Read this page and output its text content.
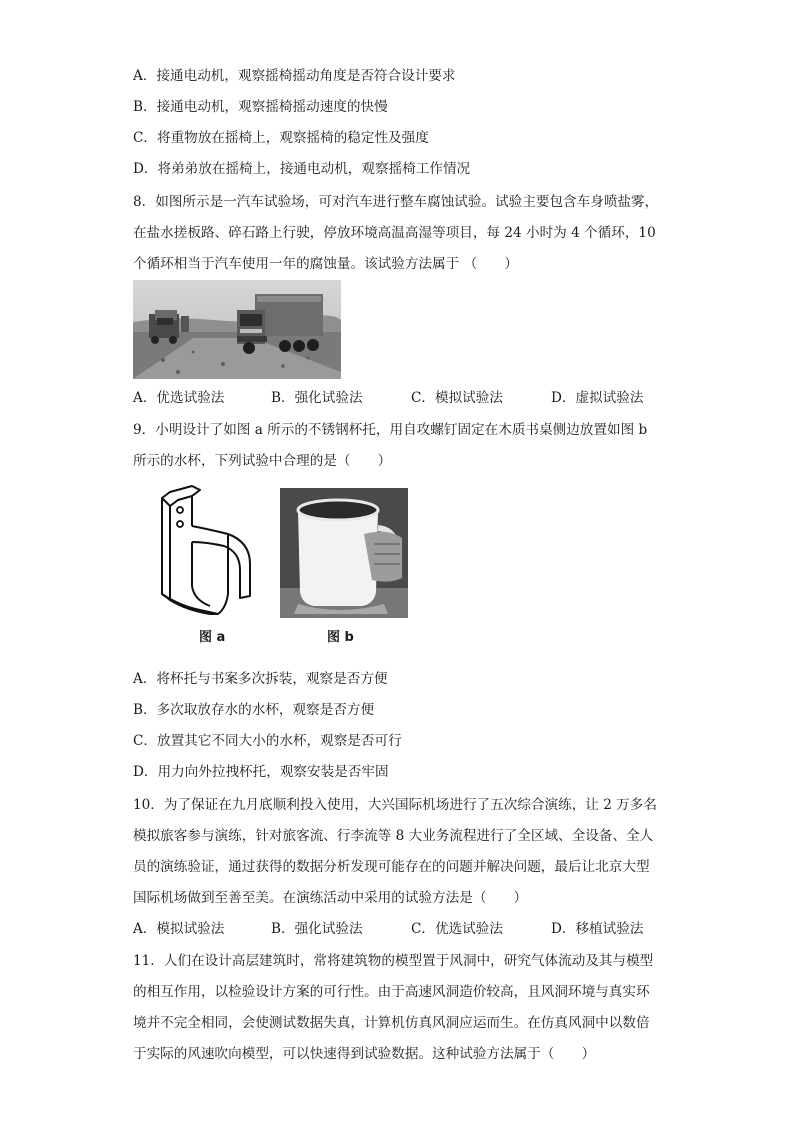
A．接通电动机，观察摇椅摇动角度是否符合设计要求
B．接通电动机，观察摇椅摇动速度的快慢
C．将重物放在摇椅上，观察摇椅的稳定性及强度
D．将弟弟放在摇椅上，接通电动机，观察摇椅工作情况
8．如图所示是一汽车试验场，可对汽车进行整车腐蚀试验。试验主要包含车身喷盐雾，
在盐水搓板路、碎石路上行驶，停放环境高温高湿等项目，每 24 小时为 4 个循环，10
个循环相当于汽车使用一年的腐蚀量。该试验方法属于 （　　）
A．优选试验法	B．强化试验法	C．模拟试验法	D．虚拟试验法
9．小明设计了如图 a 所示的不锈钢杯托，用自攻螺钉固定在木质书桌侧边放置如图 b
所示的水杯，下列试验中合理的是（　　）
图 a	图 b
A．将杯托与书案多次拆装，观察是否方便
B．多次取放存水的水杯，观察是否方便
C．放置其它不同大小的水杯，观察是否可行
D．用力向外拉拽杯托，观察安装是否牢固
10．为了保证在九月底顺利投入使用，大兴国际机场进行了五次综合演练，让 2 万多名
模拟旅客参与演练，针对旅客流、行李流等 8 大业务流程进行了全区域、全设备、全人
员的演练验证，通过获得的数据分析发现可能存在的问题并解决问题，最后让北京大型
国际机场做到至善至美。在演练活动中采用的试验方法是（　　）
A．模拟试验法	B．强化试验法	C．优选试验法	D．移植试验法
11．人们在设计高层建筑时，常将建筑物的模型置于风洞中，研究气体流动及其与模型
的相互作用，以检验设计方案的可行性。由于高速风洞造价较高，且风洞环境与真实环
境并不完全相同，会使测试数据失真，计算机仿真风洞应运而生。在仿真风洞中以数倍
于实际的风速吹向模型，可以快速得到试验数据。这种试验方法属于（　　）
